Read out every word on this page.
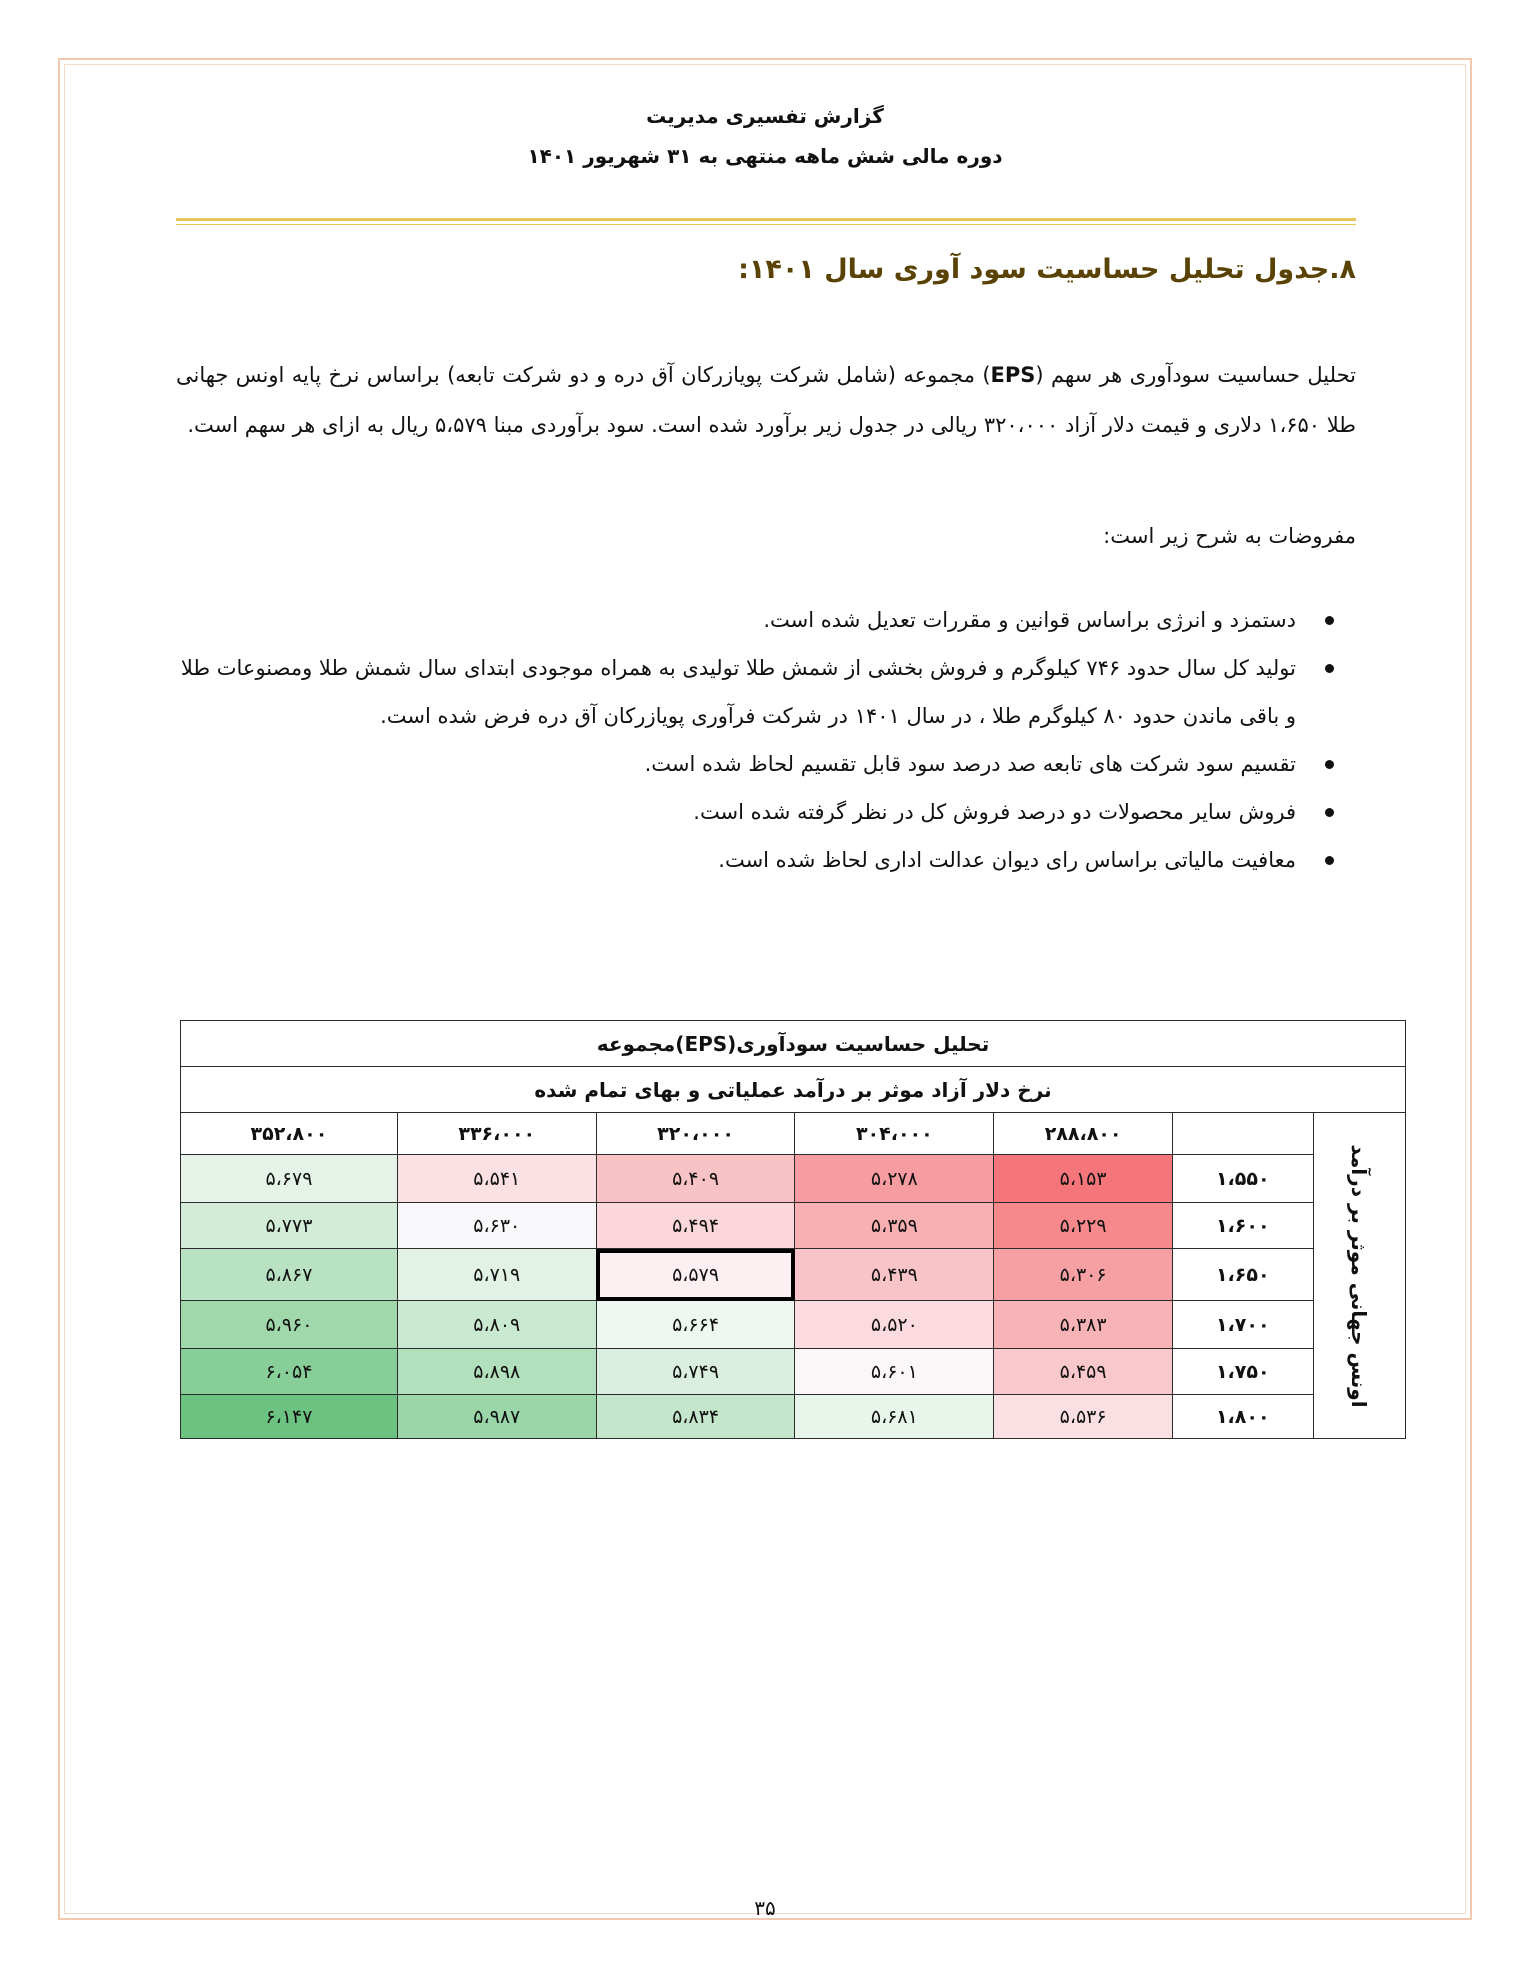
گزارش تفسیری مدیریت
دوره مالی شش ماهه منتهی به ۳۱ شهریور ۱۴۰۱
۸.جدول تحلیل حساسیت سود آوری سال ۱۴۰۱:
تحلیل حساسیت سودآوری هر سهم (EPS) مجموعه (شامل شرکت پویازرکان آق دره و دو شرکت تابعه) براساس نرخ پایه اونس جهانی طلا ۱،۶۵۰ دلاری و قیمت دلار آزاد ۳۲۰،۰۰۰ ریالی در جدول زیر برآورد شده است. سود برآوردی مبنا ۵،۵۷۹ ریال به ازای هر سهم است.
مفروضات به شرح زیر است:
دستمزد و انرژی براساس قوانین و مقررات تعدیل شده است.
تولید کل سال حدود ۷۴۶ کیلوگرم و فروش بخشی از شمش طلا تولیدی به همراه موجودی ابتدای سال شمش طلا ومصنوعات طلا و باقی ماندن حدود ۸۰ کیلوگرم طلا ، در سال ۱۴۰۱ در شرکت فرآوری پویازرکان آق دره فرض شده است.
تقسیم سود شرکت های تابعه صد درصد سود قابل تقسیم لحاظ شده است.
فروش سایر محصولات دو درصد فروش کل در نظر گرفته شده است.
معافیت مالیاتی براساس رای دیوان عدالت اداری لحاظ شده است.
تحلیل حساسیت سودآوری(EPS)مجموعه						
نرخ دلار آزاد موثر بر درآمد عملیاتی و بهای تمام شده						
۳۵۲،۸۰۰	۳۳۶،۰۰۰	۳۲۰،۰۰۰	۳۰۴،۰۰۰	۲۸۸،۸۰۰		اونس جهانی موثر بر درآمد

۵،۶۷۹	۵،۵۴۱	۵،۴۰۹	۵،۲۷۸	۵،۱۵۳	۱،۵۵۰	
۵،۷۷۳	۵،۶۳۰	۵،۴۹۴	۵،۳۵۹	۵،۲۲۹	۱،۶۰۰	
۵،۸۶۷	۵،۷۱۹	۵،۵۷۹	۵،۴۳۹	۵،۳۰۶	۱،۶۵۰	
۵،۹۶۰	۵،۸۰۹	۵،۶۶۴	۵،۵۲۰	۵،۳۸۳	۱،۷۰۰	
۶،۰۵۴	۵،۸۹۸	۵،۷۴۹	۵،۶۰۱	۵،۴۵۹	۱،۷۵۰	
۶،۱۴۷	۵،۹۸۷	۵،۸۳۴	۵،۶۸۱	۵،۵۳۶	۱،۸۰۰	
۳۵
